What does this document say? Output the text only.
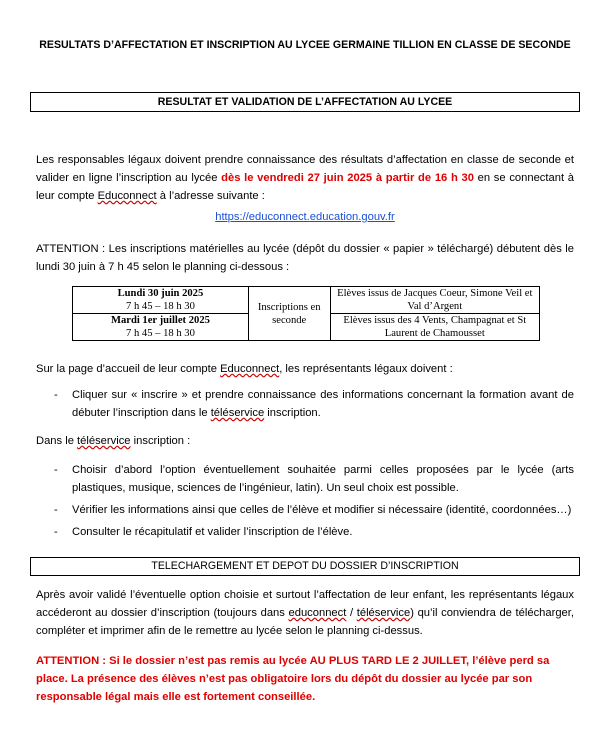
RESULTATS D’AFFECTATION ET INSCRIPTION AU LYCEE GERMAINE TILLION EN CLASSE DE SECONDE
RESULTAT ET VALIDATION DE L’AFFECTATION AU LYCEE
Les responsables légaux doivent prendre connaissance des résultats d’affectation en classe de seconde et valider en ligne l’inscription au lycée dès le vendredi 27 juin 2025 à partir de 16 h 30 en se connectant à leur compte Educonnect à l’adresse suivante :
https://educonnect.education.gouv.fr
ATTENTION : Les inscriptions matérielles au lycée (dépôt du dossier « papier » téléchargé) débutent dès le lundi 30 juin à 7 h 45 selon le planning ci-dessous :
Lundi 30 juin 2025
7 h 45 – 18 h 30	Inscriptions en seconde	Elèves issus de Jacques Coeur, Simone Veil et Val d’Argent

Mardi 1er juillet 2025
7 h 45 – 18 h 30		Elèves issus des 4 Vents, Champagnat et St Laurent de Chamousset
Sur la page d’accueil de leur compte Educonnect, les représentants légaux doivent :
- Cliquer sur « inscrire » et prendre connaissance des informations concernant la formation avant de débuter l’inscription dans le téléservice inscription.
Dans le téléservice inscription :
- Choisir d’abord l’option éventuellement souhaitée parmi celles proposées par le lycée (arts plastiques, musique, sciences de l’ingénieur, latin). Un seul choix est possible.
- Vérifier les informations ainsi que celles de l’élève et modifier si nécessaire (identité, coordonnées…)
- Consulter le récapitulatif et valider l’inscription de l’élève.
TELECHARGEMENT ET DEPOT DU DOSSIER D’INSCRIPTION
Après avoir validé l’éventuelle option choisie et surtout l’affectation de leur enfant, les représentants légaux accéderont au dossier d’inscription (toujours dans educonnect / téléservice) qu’il conviendra de télécharger, compléter et imprimer afin de le remettre au lycée selon le planning ci-dessus.
ATTENTION : Si le dossier n’est pas remis au lycée AU PLUS TARD LE 2 JUILLET, l’élève perd sa place. La présence des élèves n’est pas obligatoire lors du dépôt du dossier au lycée par son responsable légal mais elle est fortement conseillée.
